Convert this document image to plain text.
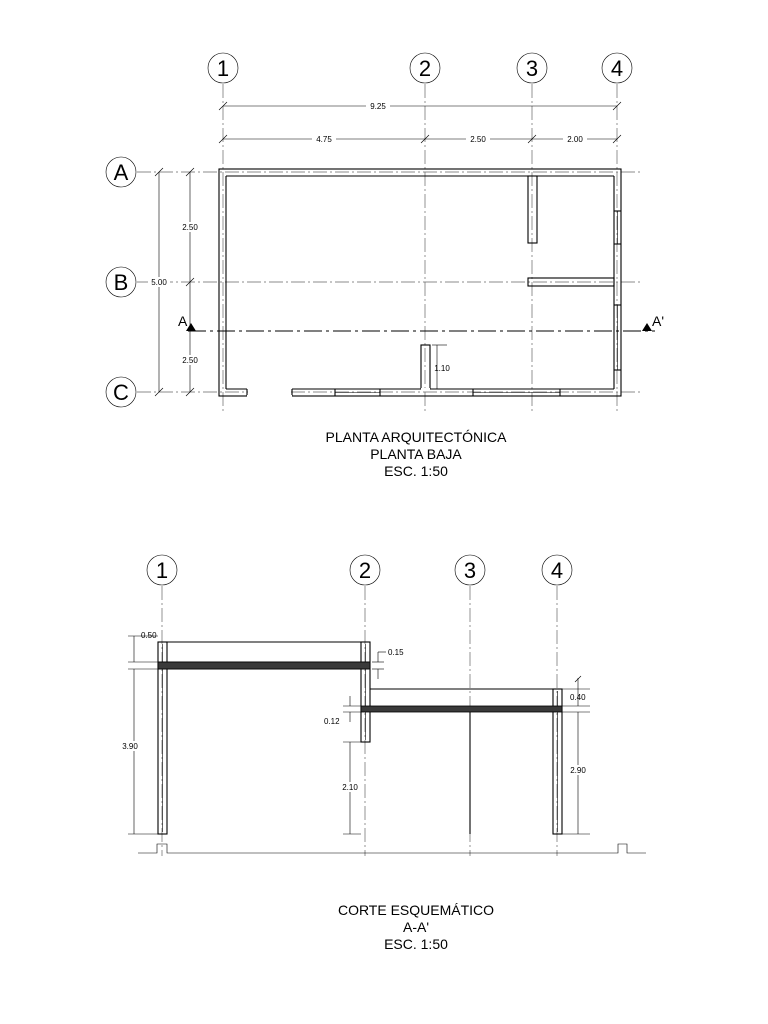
1	2	3	4
A
B
C
A	A'
9.25
4.75	2.50	2.00
5.00
2.50
2.50
1.10
PLANTA ARQUITECTÓNICA
PLANTA BAJA
ESC. 1:50
1	2	3	4
0.50
3.90
0.15
0.12
2.10
0.40
2.90
CORTE ESQUEMÁTICO
A-A'
ESC. 1:50
